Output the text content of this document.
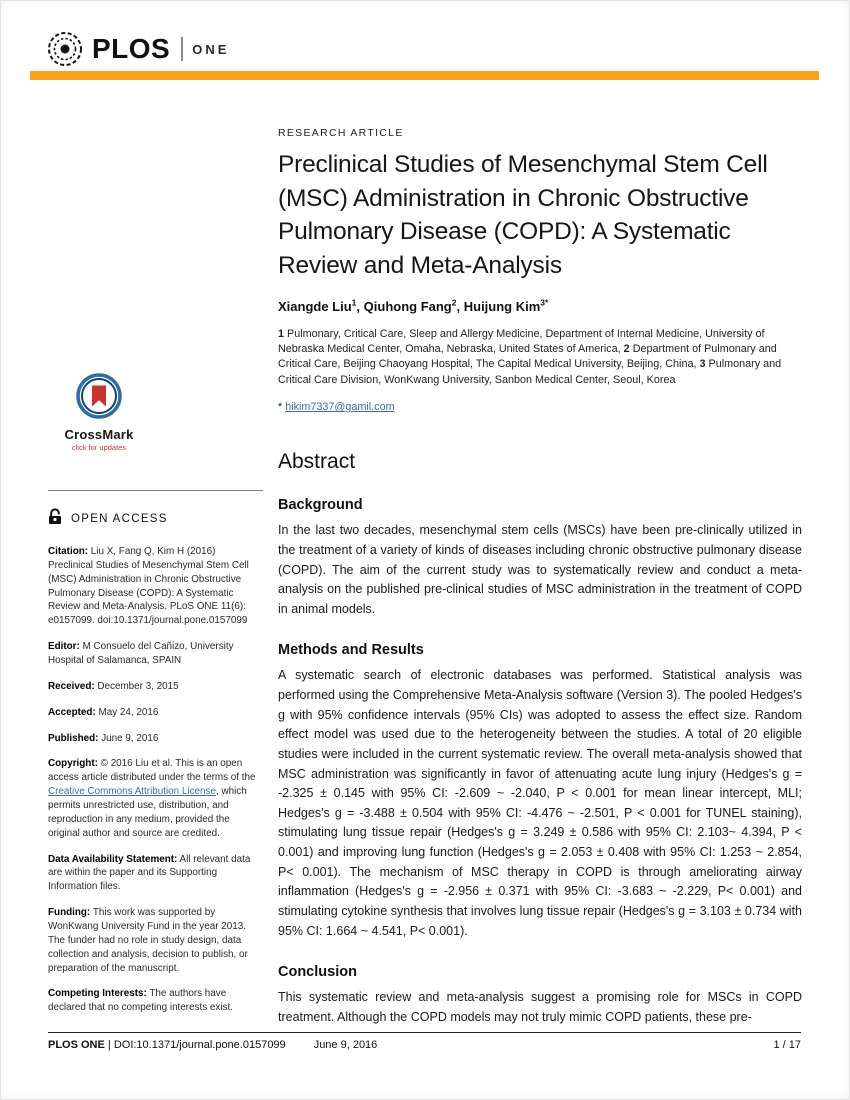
PLOS ONE
CrossMark
click for updates
OPEN ACCESS

Citation: Liu X, Fang Q, Kim H (2016) Preclinical Studies of Mesenchymal Stem Cell (MSC) Administration in Chronic Obstructive Pulmonary Disease (COPD): A Systematic Review and Meta-Analysis. PLoS ONE 11(6): e0157099. doi:10.1371/journal.pone.0157099

Editor: M Consuelo del Cañizo, University Hospital of Salamanca, SPAIN

Received: December 3, 2015

Accepted: May 24, 2016

Published: June 9, 2016

Copyright: © 2016 Liu et al. This is an open access article distributed under the terms of the Creative Commons Attribution License, which permits unrestricted use, distribution, and reproduction in any medium, provided the original author and source are credited.

Data Availability Statement: All relevant data are within the paper and its Supporting Information files.

Funding: This work was supported by WonKwang University Fund in the year 2013. The funder had no role in study design, data collection and analysis, decision to publish, or preparation of the manuscript.

Competing Interests: The authors have declared that no competing interests exist.

RESEARCH ARTICLE
Preclinical Studies of Mesenchymal Stem Cell (MSC) Administration in Chronic Obstructive Pulmonary Disease (COPD): A Systematic Review and Meta-Analysis

Xiangde Liu$^1$, Qiuhong Fang$^2$, Huijung Kim$^{3*}$

1 Pulmonary, Critical Care, Sleep and Allergy Medicine, Department of Internal Medicine, University of Nebraska Medical Center, Omaha, Nebraska, United States of America, 2 Department of Pulmonary and Critical Care, Beijing Chaoyang Hospital, The Capital Medical University, Beijing, China, 3 Pulmonary and Critical Care Division, WonKwang University, Sanbon Medical Center, Seoul, Korea

* hikim7337@gamil.com

Abstract
Background

In the last two decades, mesenchymal stem cells (MSCs) have been pre-clinically utilized in the treatment of a variety of kinds of diseases including chronic obstructive pulmonary disease (COPD). The aim of the current study was to systematically review and conduct a meta-analysis on the published pre-clinical studies of MSC administration in the treatment of COPD in animal models.

Methods and Results

A systematic search of electronic databases was performed. Statistical analysis was performed using the Comprehensive Meta-Analysis software (Version 3). The pooled Hedges's g with 95% confidence intervals (95% CIs) was adopted to assess the effect size. Random effect model was used due to the heterogeneity between the studies. A total of 20 eligible studies were included in the current systematic review. The overall meta-analysis showed that MSC administration was significantly in favor of attenuating acute lung injury (Hedges's g = -2.325 ± 0.145 with 95% CI: -2.609 ~ -2.040, P < 0.001 for mean linear intercept, MLI; Hedges's g = -3.488 ± 0.504 with 95% CI: -4.476 ~ -2.501, P < 0.001 for TUNEL staining), stimulating lung tissue repair (Hedges's g = 3.249 ± 0.586 with 95% CI: 2.103~ 4.394, P < 0.001) and improving lung function (Hedges's g = 2.053 ± 0.408 with 95% CI: 1.253 ~ 2.854, P< 0.001). The mechanism of MSC therapy in COPD is through ameliorating airway inflammation (Hedges's g = -2.956 ± 0.371 with 95% CI: -3.683 ~ -2.229, P< 0.001) and stimulating cytokine synthesis that involves lung tissue repair (Hedges's g = 3.103 ± 0.734 with 95% CI: 1.664 ~ 4.541, P< 0.001).

Conclusion

This systematic review and meta-analysis suggest a promising role for MSCs in COPD treatment. Although the COPD models may not truly mimic COPD patients, these pre-

PLOS ONE | DOI:10.1371/journal.pone.0157099	June 9, 2016	1 / 17
